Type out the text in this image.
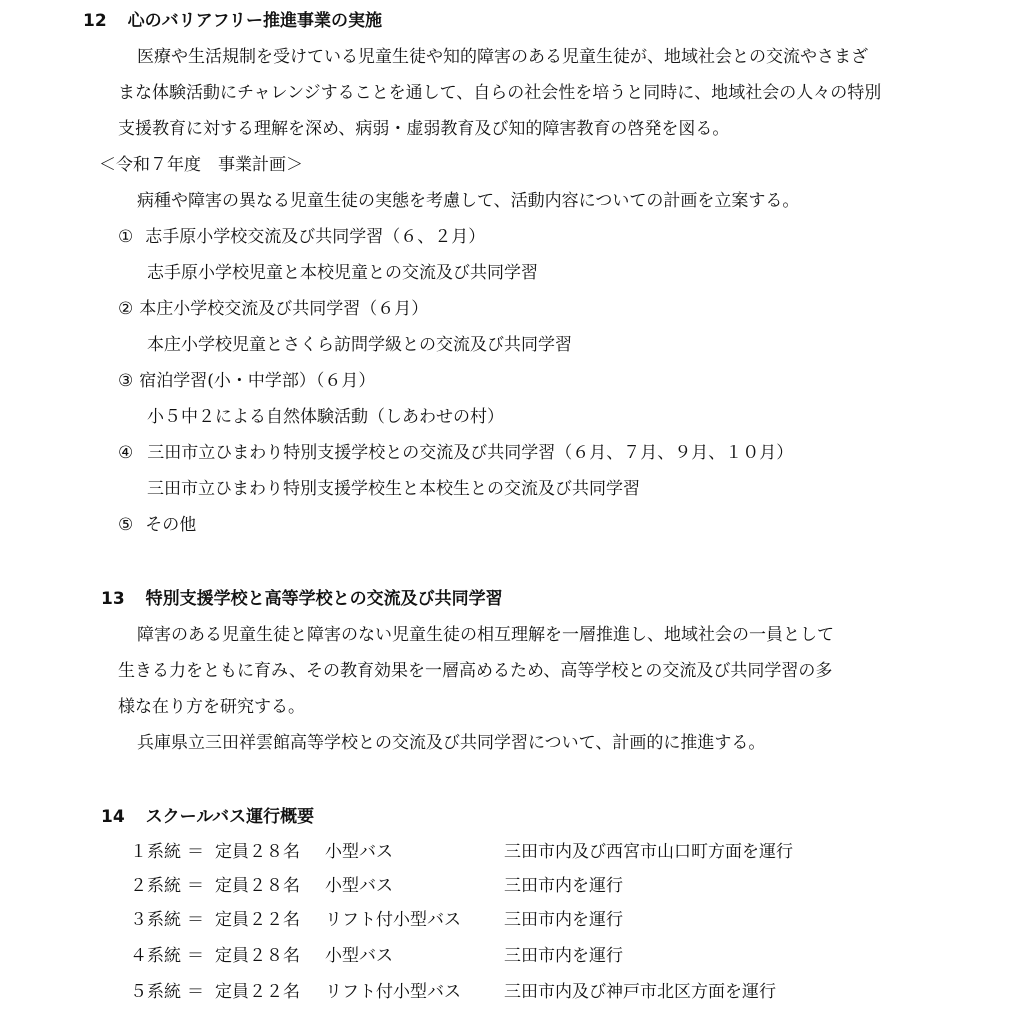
12 心のバリアフリー推進事業の実施
医療や生活規制を受けている児童生徒や知的障害のある児童生徒が、地域社会との交流やさまざ
まな体験活動にチャレンジすることを通して、自らの社会性を培うと同時に、地域社会の人々の特別
支援教育に対する理解を深め、病弱・虚弱教育及び知的障害教育の啓発を図る。
＜令和７年度　事業計画＞
病種や障害の異なる児童生徒の実態を考慮して、活動内容についての計画を立案する。
① 志手原小学校交流及び共同学習（６、２月）
志手原小学校児童と本校児童との交流及び共同学習
② 本庄小学校交流及び共同学習（６月）
本庄小学校児童とさくら訪問学級との交流及び共同学習
③ 宿泊学習(小・中学部）（６月）
小５中２による自然体験活動（しあわせの村）
④ 三田市立ひまわり特別支援学校との交流及び共同学習（６月、７月、９月、１０月）
三田市立ひまわり特別支援学校生と本校生との交流及び共同学習
⑤ その他
13 特別支援学校と高等学校との交流及び共同学習
障害のある児童生徒と障害のない児童生徒の相互理解を一層推進し、地域社会の一員として
生きる力をともに育み、その教育効果を一層高めるため、高等学校との交流及び共同学習の多
様な在り方を研究する。
兵庫県立三田祥雲館高等学校との交流及び共同学習について、計画的に推進する。
14 スクールバス運行概要
１系統 ＝ 定員２８名 小型バス	三田市内及び西宮市山口町方面を運行
２系統 ＝ 定員２８名 小型バス	三田市内を運行
３系統 ＝ 定員２２名 リフト付小型バス	三田市内を運行
４系統 ＝ 定員２８名 小型バス	三田市内を運行
５系統 ＝ 定員２２名 リフト付小型バス	三田市内及び神戸市北区方面を運行
